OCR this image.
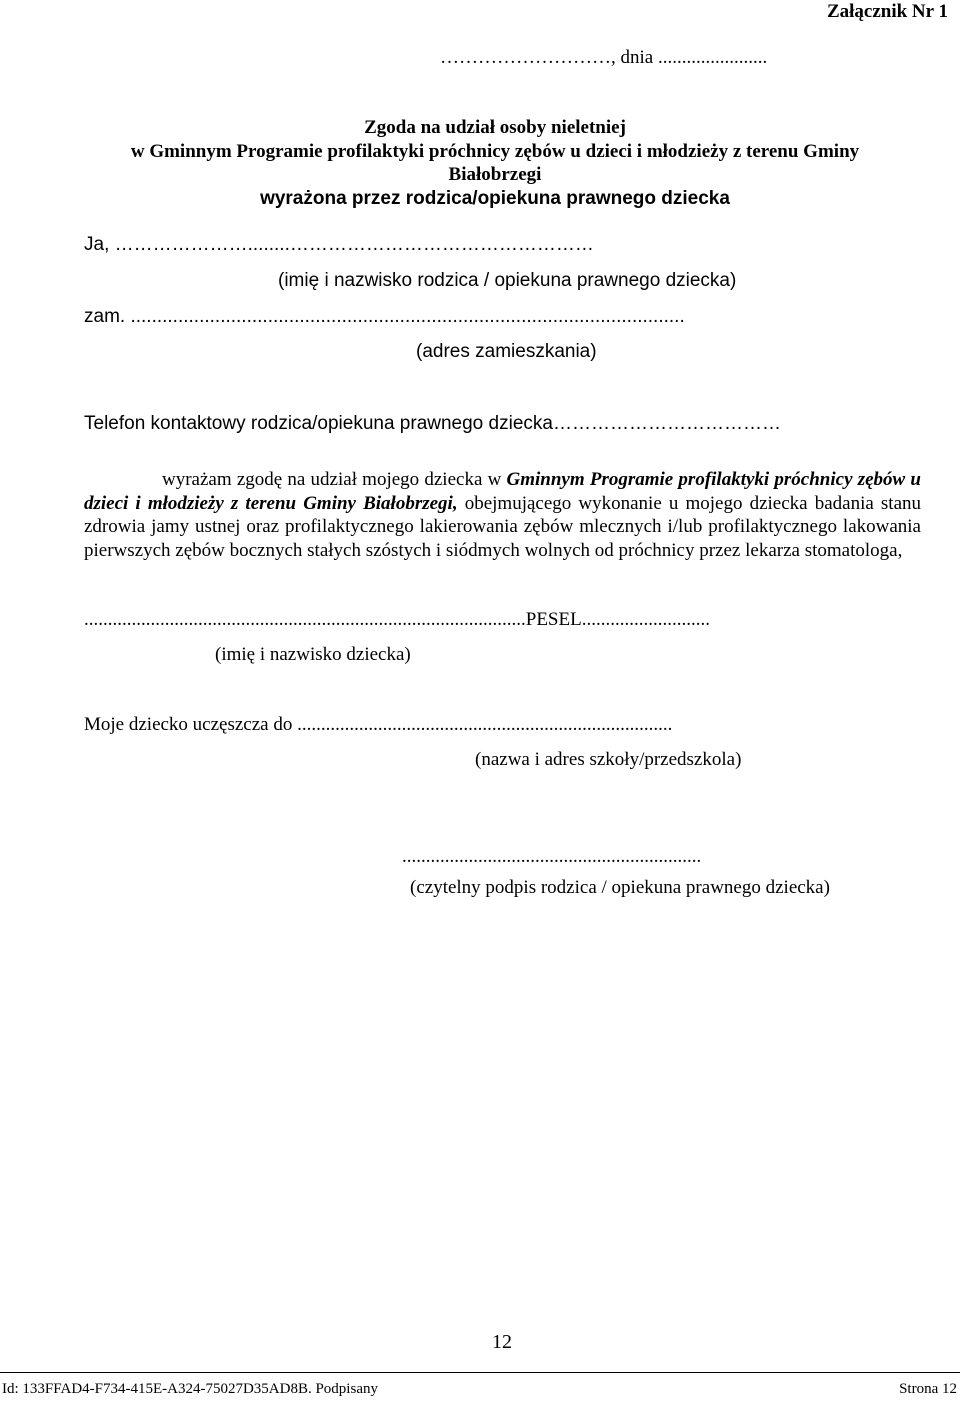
Załącznik Nr 1
………………………, dnia .......................
Zgoda na udział osoby nieletniej
w Gminnym Programie profilaktyki próchnicy zębów u dzieci i młodzieży z terenu Gminy
Białobrzegi
wyrażona przez rodzica/opiekuna prawnego dziecka
Ja, …………………........…………………………………………
(imię i nazwisko rodzica / opiekuna prawnego dziecka)
zam. .........................................................................................................
(adres zamieszkania)
Telefon kontaktowy rodzica/opiekuna prawnego dziecka………………………………
wyrażam zgodę na udział mojego dziecka w Gminnym Programie profilaktyki próchnicy zębów u dzieci i młodzieży z terenu Gminy Białobrzegi, obejmującego wykonanie u mojego dziecka badania stanu zdrowia jamy ustnej oraz profilaktycznego lakierowania zębów mlecznych i/lub profilaktycznego lakowania pierwszych zębów bocznych stałych szóstych i siódmych wolnych od próchnicy przez lekarza stomatologa,
.............................................................................................PESEL...........................
(imię i nazwisko dziecka)
Moje dziecko uczęszcza do ...............................................................................
(nazwa i adres szkoły/przedszkola)
...............................................................
(czytelny podpis rodzica / opiekuna prawnego dziecka)
12
Id: 133FFAD4-F734-415E-A324-75027D35AD8B. Podpisany	Strona 12
